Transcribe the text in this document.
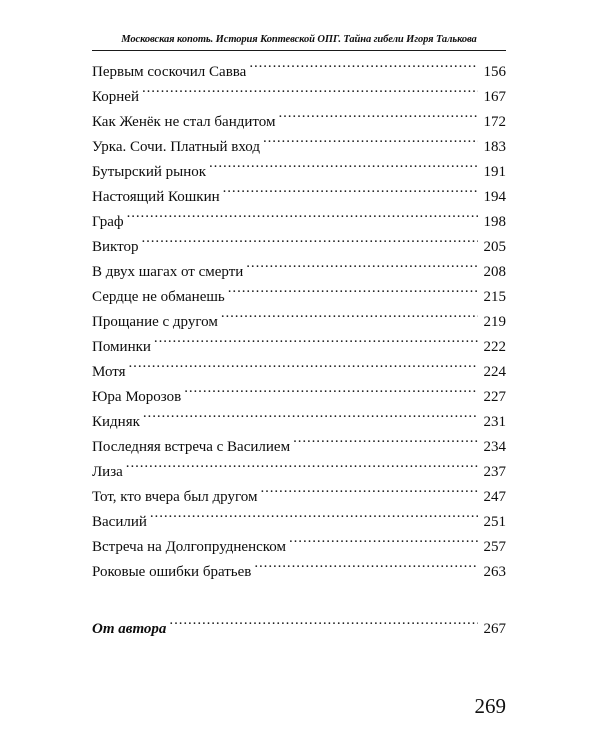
Московская копоть. История Коптевской ОПГ. Тайна гибели Игоря Талькова
Первым соскочил Савва .....	156
Корней .....	167
Как Женёк не стал бандитом .....	172
Урка. Сочи. Платный вход .....	183
Бутырский рынок .....	191
Настоящий Кошкин .....	194
Граф .....	198
Виктор .....	205
В двух шагах от смерти .....	208
Сердце не обманешь .....	215
Прощание с другом .....	219
Поминки .....	222
Мотя .....	224
Юра Морозов .....	227
Кидняк .....	231
Последняя встреча с Василием .....	234
Лиза .....	237
Тот, кто вчера был другом .....	247
Василий .....	251
Встреча на Долгопрудненском .....	257
Роковые ошибки братьев .....	263
От автора .....	267
269
